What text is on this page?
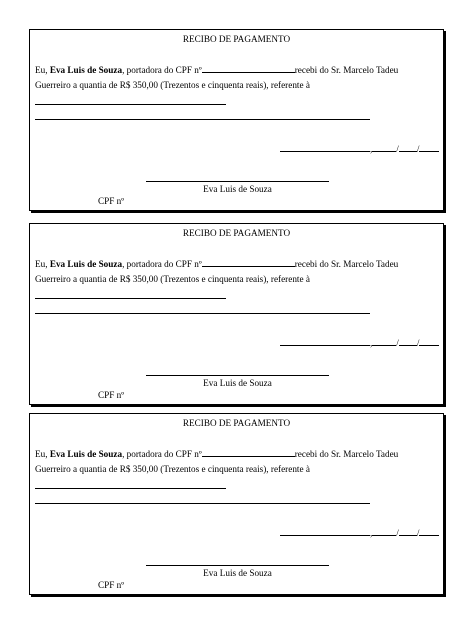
RECIBO DE PAGAMENTO
Eu, Eva Luis de Souza, portadora do CPF nº	recebi do Sr. Marcelo Tadeu
Guerreiro a quantia de R$ 350,00 (Trezentos e cinquenta reais), referente à
,	/ /
Eva Luis de Souza
CPF nº
RECIBO DE PAGAMENTO
Eu, Eva Luis de Souza, portadora do CPF nº	recebi do Sr. Marcelo Tadeu
Guerreiro a quantia de R$ 350,00 (Trezentos e cinquenta reais), referente à
,	/ /
Eva Luis de Souza
CPF nº
RECIBO DE PAGAMENTO
Eu, Eva Luis de Souza, portadora do CPF nº	recebi do Sr. Marcelo Tadeu
Guerreiro a quantia de R$ 350,00 (Trezentos e cinquenta reais), referente à
,	/ /
Eva Luis de Souza
CPF nº
